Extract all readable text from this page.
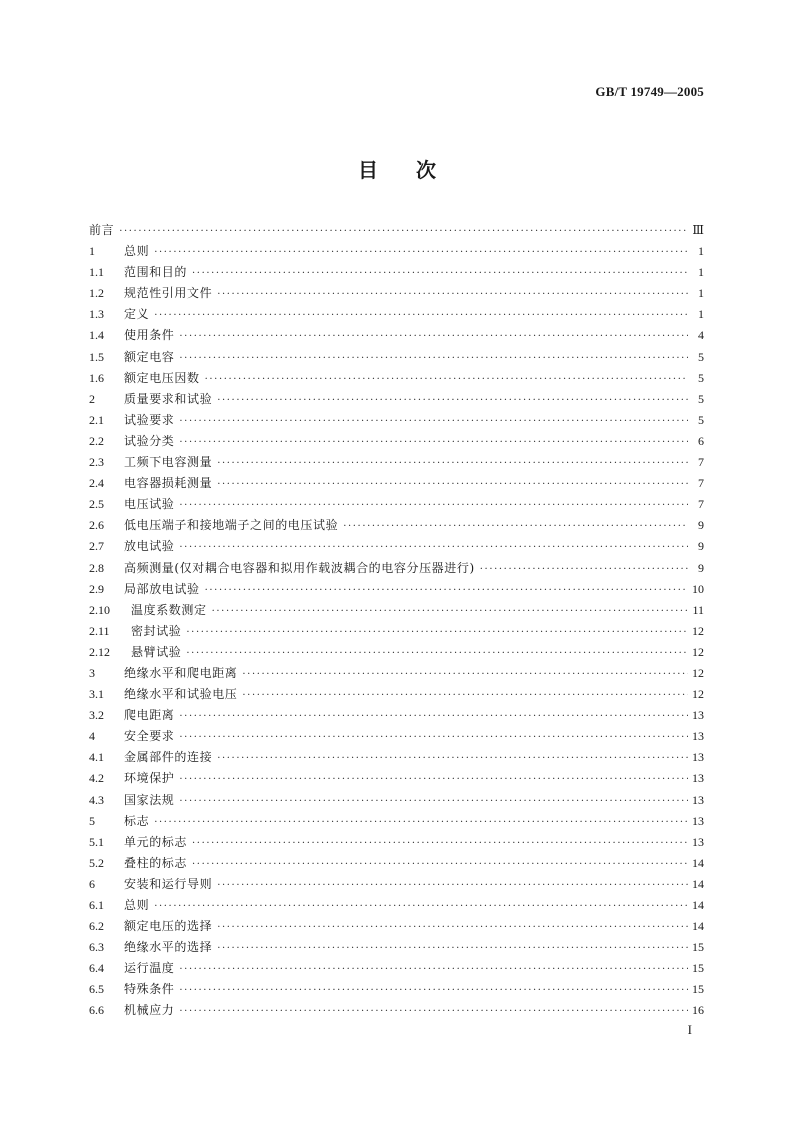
GB/T 19749—2005
目次
前言 ·····	Ⅲ
1	总则 ·····	1
1.1	范围和目的 ·····	1
1.2	规范性引用文件 ·····	1
1.3	定义 ·····	1
1.4	使用条件 ·····	4
1.5	额定电容 ·····	5
1.6	额定电压因数 ·····	5
2	质量要求和试验 ·····	5
2.1	试验要求 ·····	5
2.2	试验分类 ·····	6
2.3	工频下电容测量 ·····	7
2.4	电容器损耗测量 ·····	7
2.5	电压试验 ·····	7
2.6	低电压端子和接地端子之间的电压试验 ·····	9
2.7	放电试验 ·····	9
2.8	高频测量(仅对耦合电容器和拟用作载波耦合的电容分压器进行) ·····	9
2.9	局部放电试验 ·····	10
2.10	温度系数测定 ·····	11
2.11	密封试验 ·····	12
2.12	悬臂试验 ·····	12
3	绝缘水平和爬电距离 ·····	12
3.1	绝缘水平和试验电压 ·····	12
3.2	爬电距离 ·····	13
4	安全要求 ·····	13
4.1	金属部件的连接 ·····	13
4.2	环境保护 ·····	13
4.3	国家法规 ·····	13
5	标志 ·····	13
5.1	单元的标志 ·····	13
5.2	叠柱的标志 ·····	14
6	安装和运行导则 ·····	14
6.1	总则 ·····	14
6.2	额定电压的选择 ·····	14
6.3	绝缘水平的选择 ·····	15
6.4	运行温度 ·····	15
6.5	特殊条件 ·····	15
6.6	机械应力 ·····	16
I
